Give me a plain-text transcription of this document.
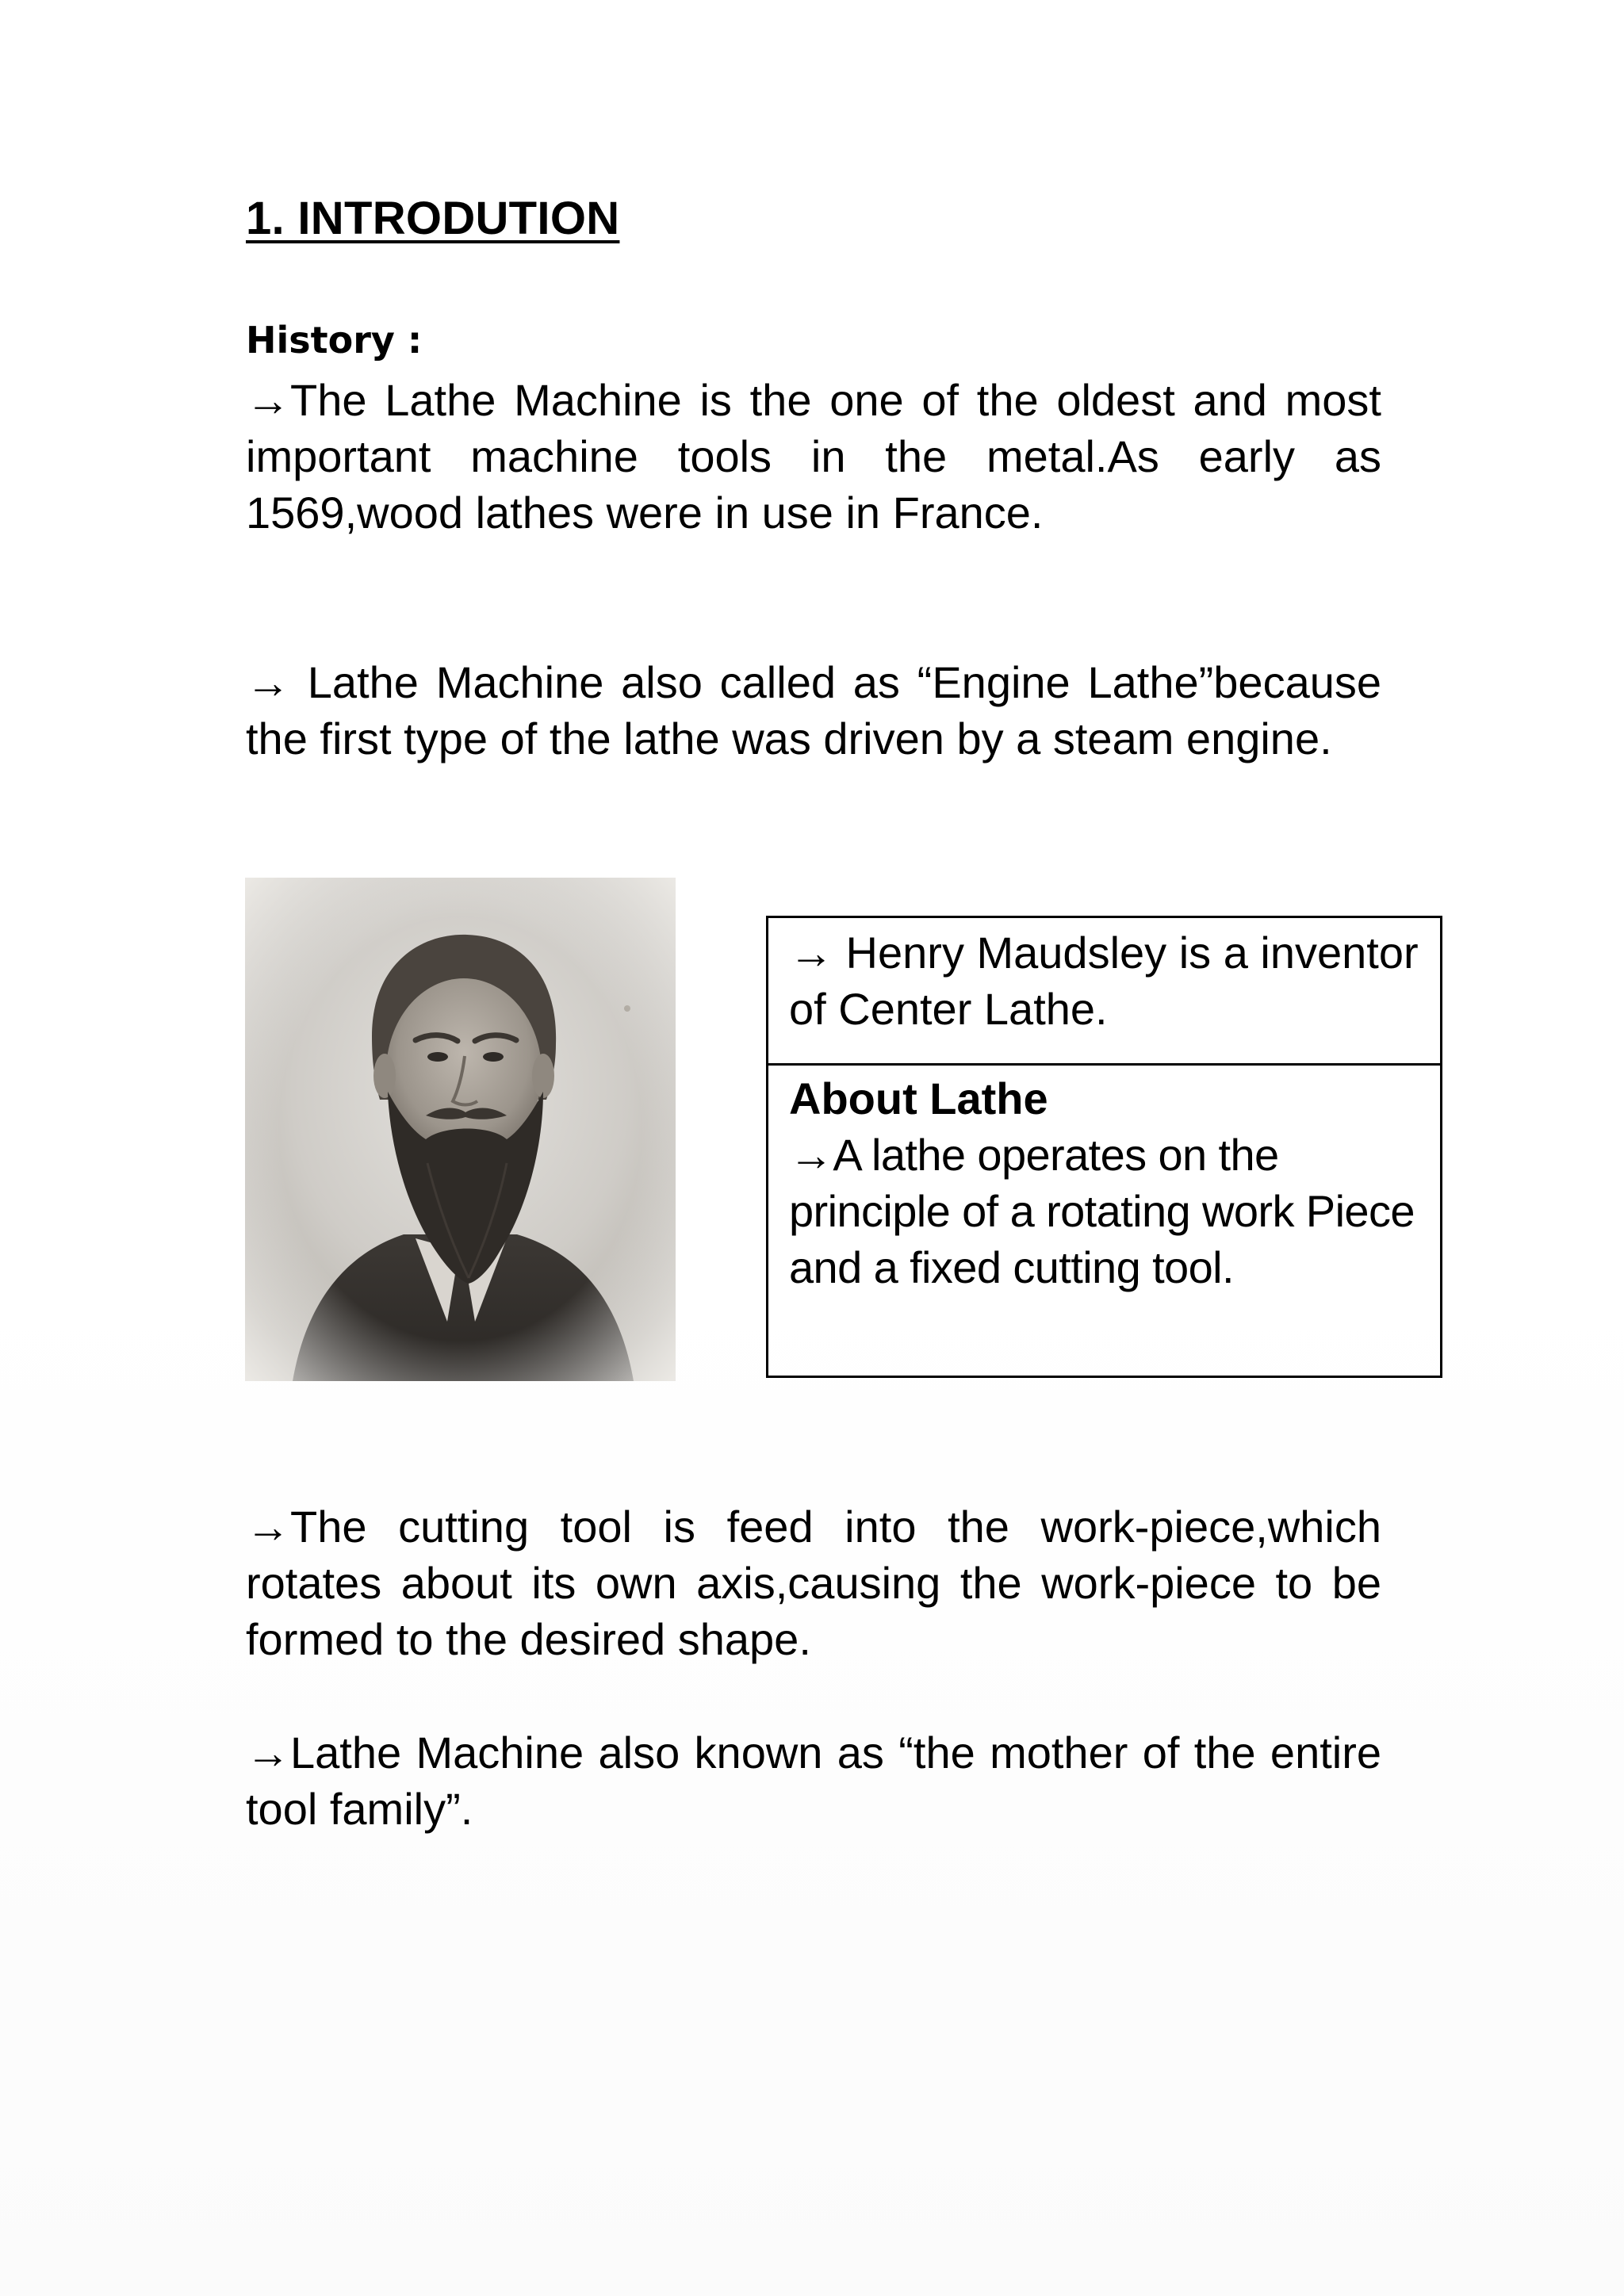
1. INTRODUTION
History :

→The Lathe Machine is the one of the oldest and most important machine tools in the metal.As early as 1569,wood lathes were in use in France.

→ Lathe Machine also called as “Engine Lathe”because the first type of the lathe was driven by a steam engine.

→ Henry Maudsley is a inventor of Center Lathe.
About Lathe
→A lathe operates on the principle of a rotating work Piece and a fixed cutting tool.

→The cutting tool is feed into the work-piece,which rotates about its own axis,causing the work-piece to be formed to the desired shape.

→Lathe Machine also known as “the mother of the entire tool family”.
